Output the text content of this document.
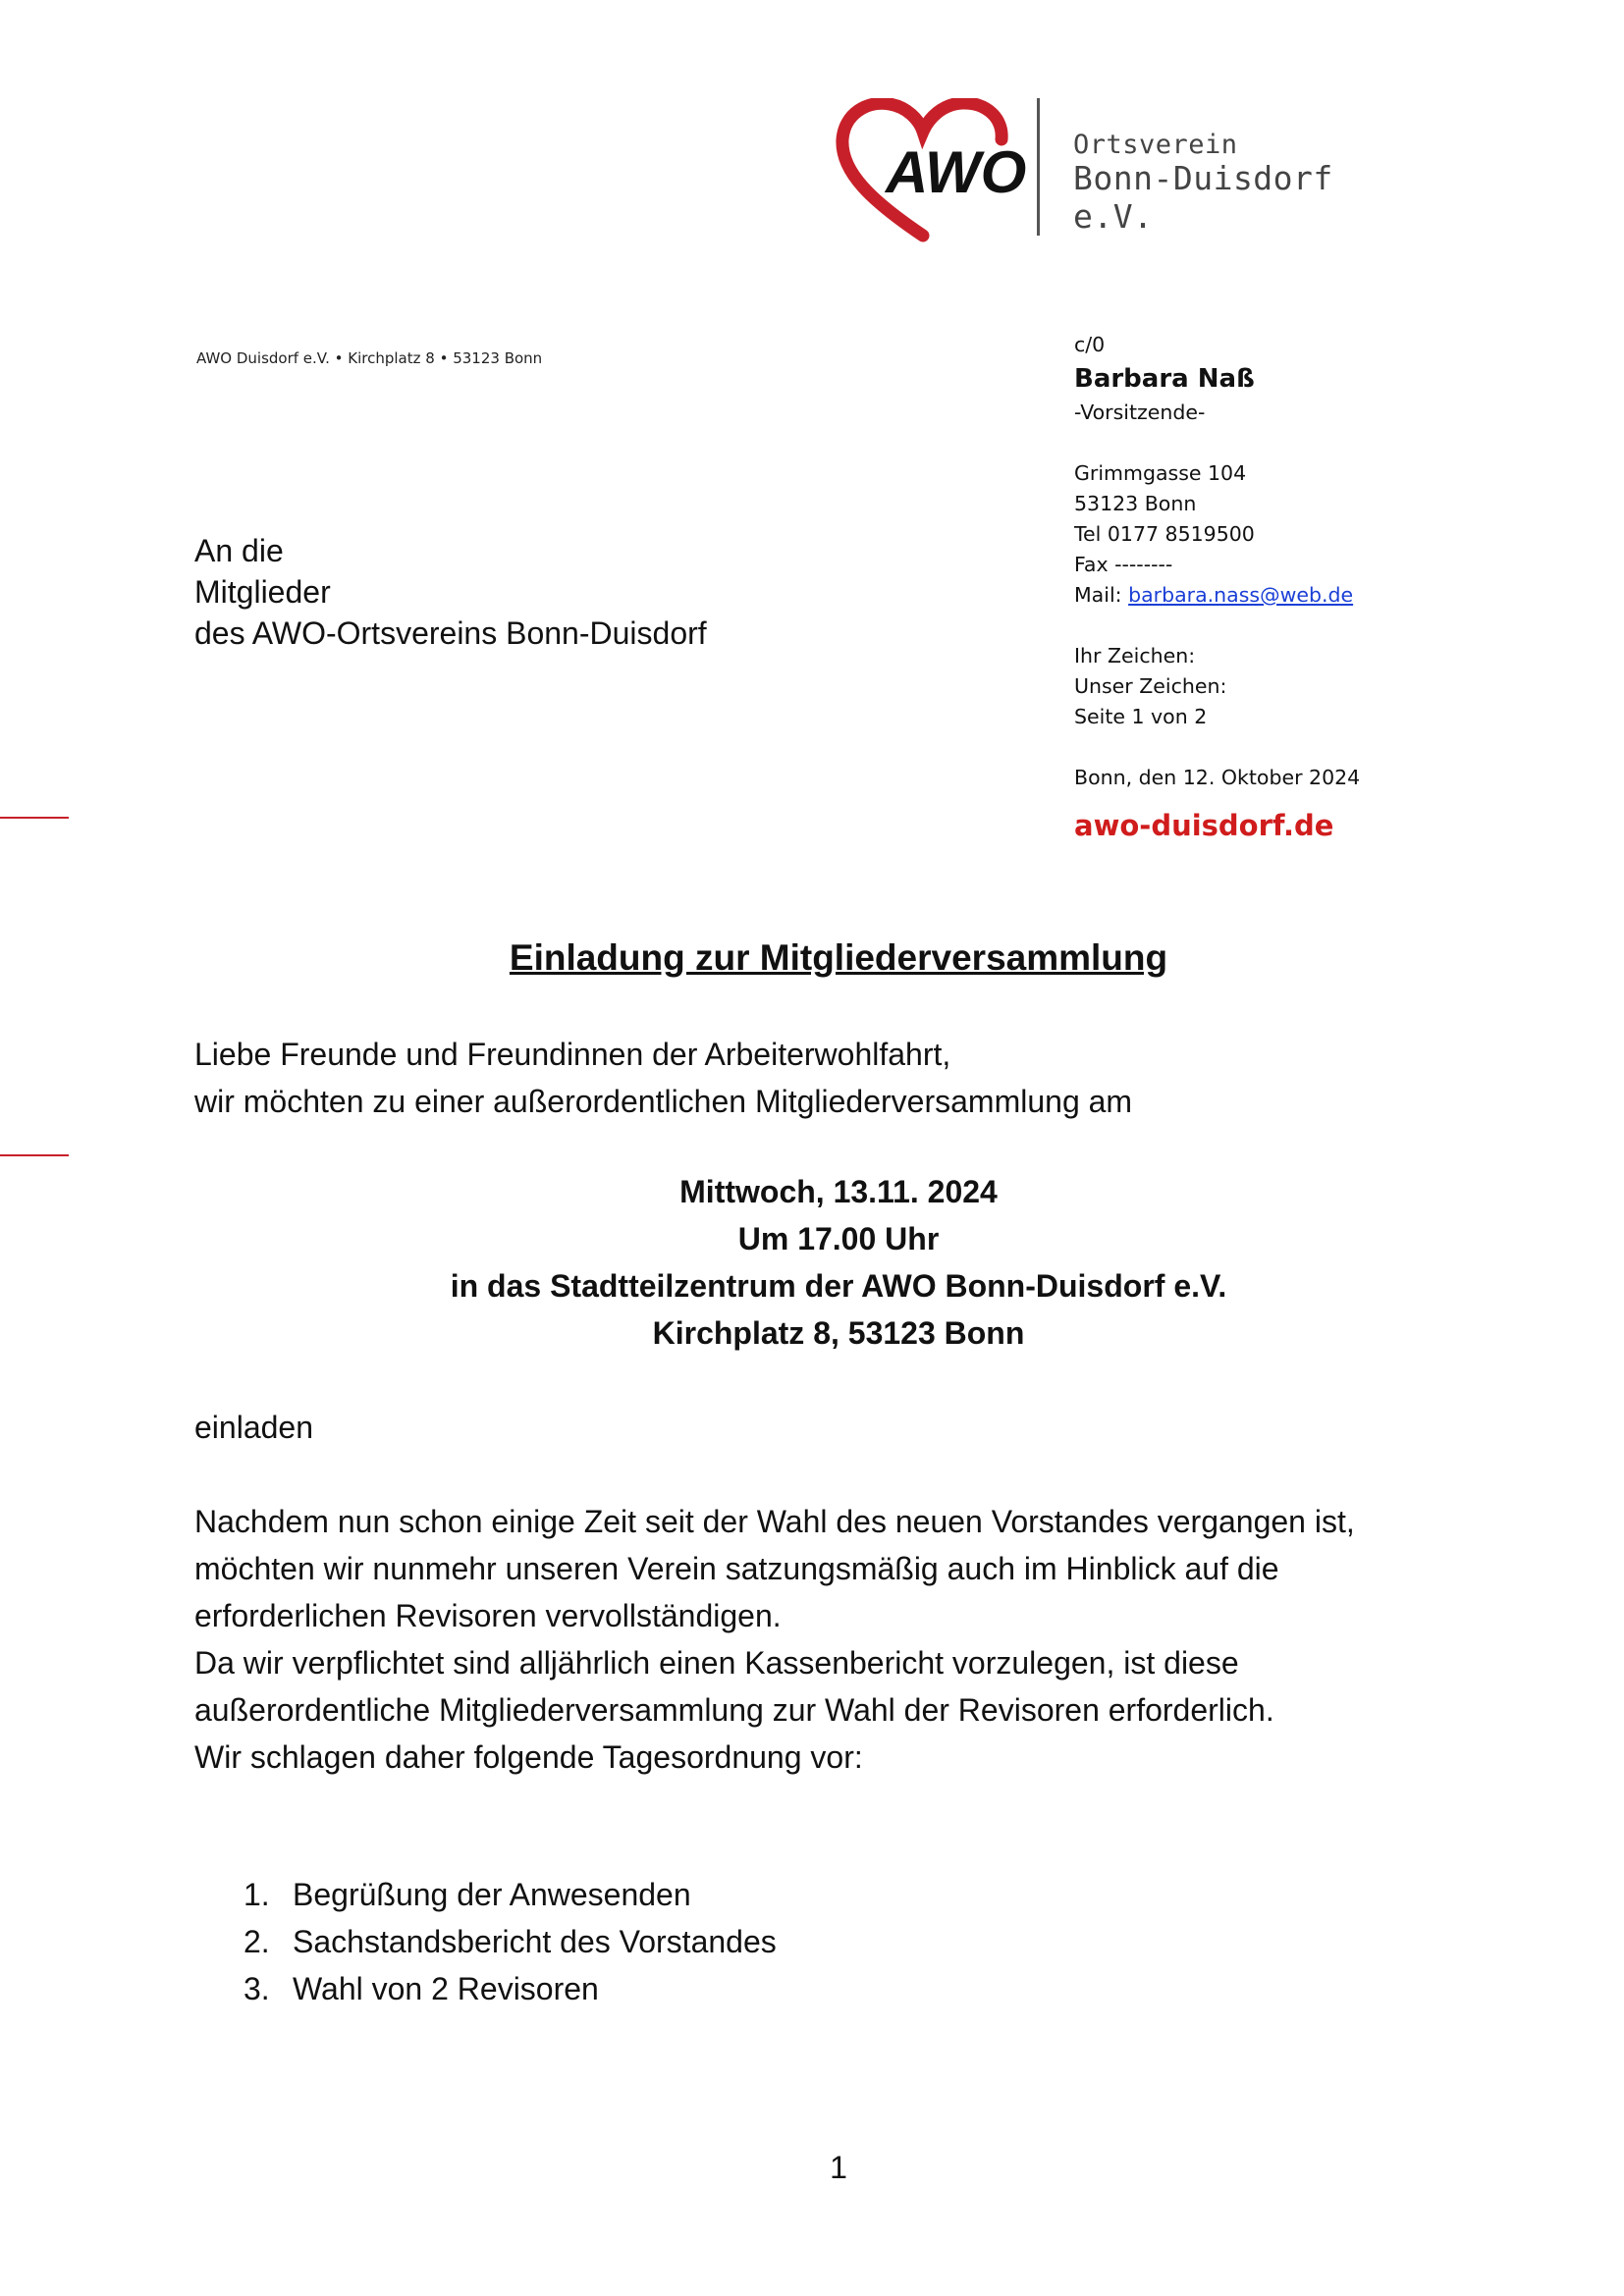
AWO Ortsverein
Bonn-Duisdorf e.V.
AWO Duisdorf e.V. • Kirchplatz 8 • 53123 Bonn
An die
Mitglieder
des AWO-Ortsvereins Bonn-Duisdorf
c/0
Barbara Naß
-Vorsitzende-
Grimmgasse 104
53123 Bonn
Tel 0177 8519500
Fax --------
Mail: barbara.nass@web.de
Ihr Zeichen:
Unser Zeichen:
Seite 1 von 2
Bonn, den 12. Oktober 2024
awo-duisdorf.de
Einladung zur Mitgliederversammlung
Liebe Freunde und Freundinnen der Arbeiterwohlfahrt,
wir möchten zu einer außerordentlichen Mitgliederversammlung am
Mittwoch, 13.11. 2024
Um 17.00 Uhr
in das Stadtteilzentrum der AWO Bonn-Duisdorf e.V.
Kirchplatz 8, 53123 Bonn
einladen
Nachdem nun schon einige Zeit seit der Wahl des neuen Vorstandes vergangen ist,
möchten wir nunmehr unseren Verein satzungsmäßig auch im Hinblick auf die
erforderlichen Revisoren vervollständigen.
Da wir verpflichtet sind alljährlich einen Kassenbericht vorzulegen, ist diese
außerordentliche Mitgliederversammlung zur Wahl der Revisoren erforderlich.
Wir schlagen daher folgende Tagesordnung vor:
1. Begrüßung der Anwesenden
2. Sachstandsbericht des Vorstandes
3. Wahl von 2 Revisoren
1
